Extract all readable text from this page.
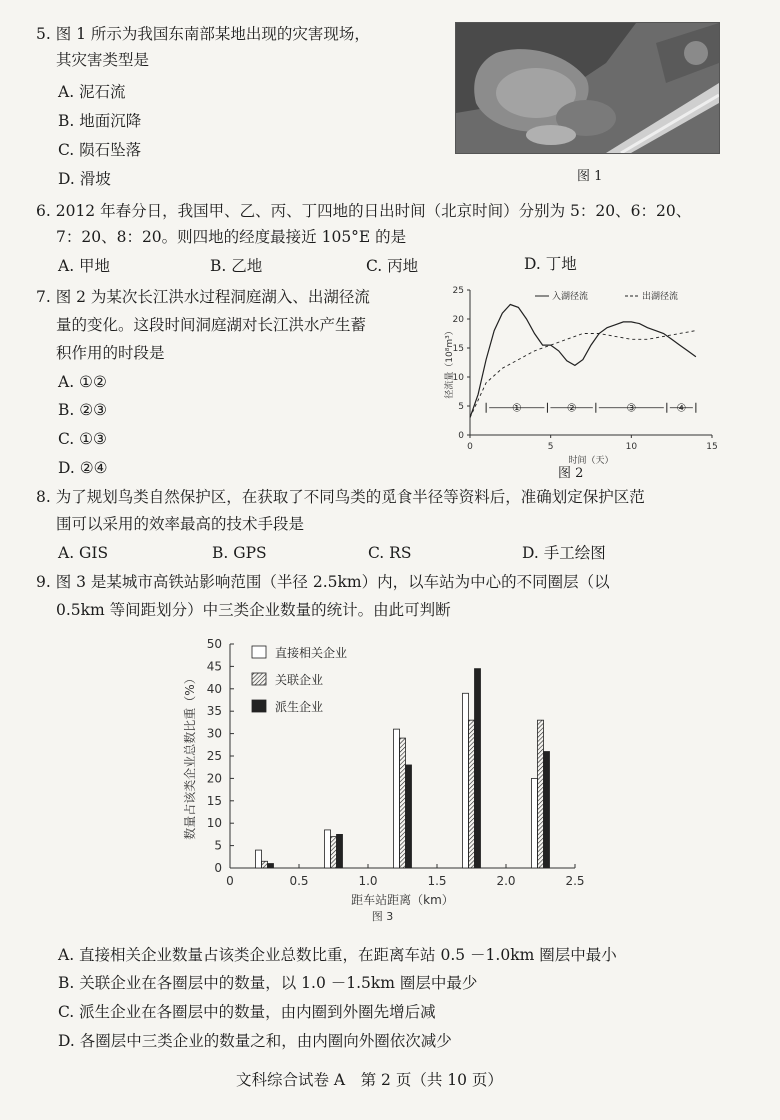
5. 图 1 所示为我国东南部某地出现的灾害现场，
其灾害类型是
A. 泥石流
B. 地面沉降
C. 陨石坠落
D. 滑坡	图 1
6. 2012 年春分日，我国甲、乙、丙、丁四地的日出时间（北京时间）分别为 5：20、6：20、
7：20、8：20。则四地的经度最接近 105°E 的是
A. 甲地	B. 乙地	C. 丙地	D. 丁地
7. 图 2 为某次长江洪水过程洞庭湖入、出湖径流
量的变化。这段时间洞庭湖对长江洪水产生蓄
积作用的时段是
A. ①②
B. ②③
C. ①③
D. ②④
0
5
10
15
20
25
0	5	10	15
时间（天）
径流量（10⁸m³）
入湖径流	出湖径流
①	②	③	④
图 2
8. 为了规划鸟类自然保护区，在获取了不同鸟类的觅食半径等资料后，准确划定保护区范
围可以采用的效率最高的技术手段是
A. GIS	B. GPS	C. RS	D. 手工绘图
9. 图 3 是某城市高铁站影响范围（半径 2.5km）内，以车站为中心的不同圈层（以
0.5km 等间距划分）中三类企业数量的统计。由此可判断
0
5
10
15
20
25
30
35
40
45
50
0	0.5	1.0	1.5	2.0	2.5
距车站距离（km）
图 3
数量占该类企业总数比重（%）
直接相关企业
关联企业
派生企业
A. 直接相关企业数量占该类企业总数比重，在距离车站 0.5 －1.0km 圈层中最小
B. 关联企业在各圈层中的数量，以 1.0 －1.5km 圈层中最少
C. 派生企业在各圈层中的数量，由内圈到外圈先增后减
D. 各圈层中三类企业的数量之和，由内圈向外圈依次减少
文科综合试卷 A　第 2 页（共 10 页）
